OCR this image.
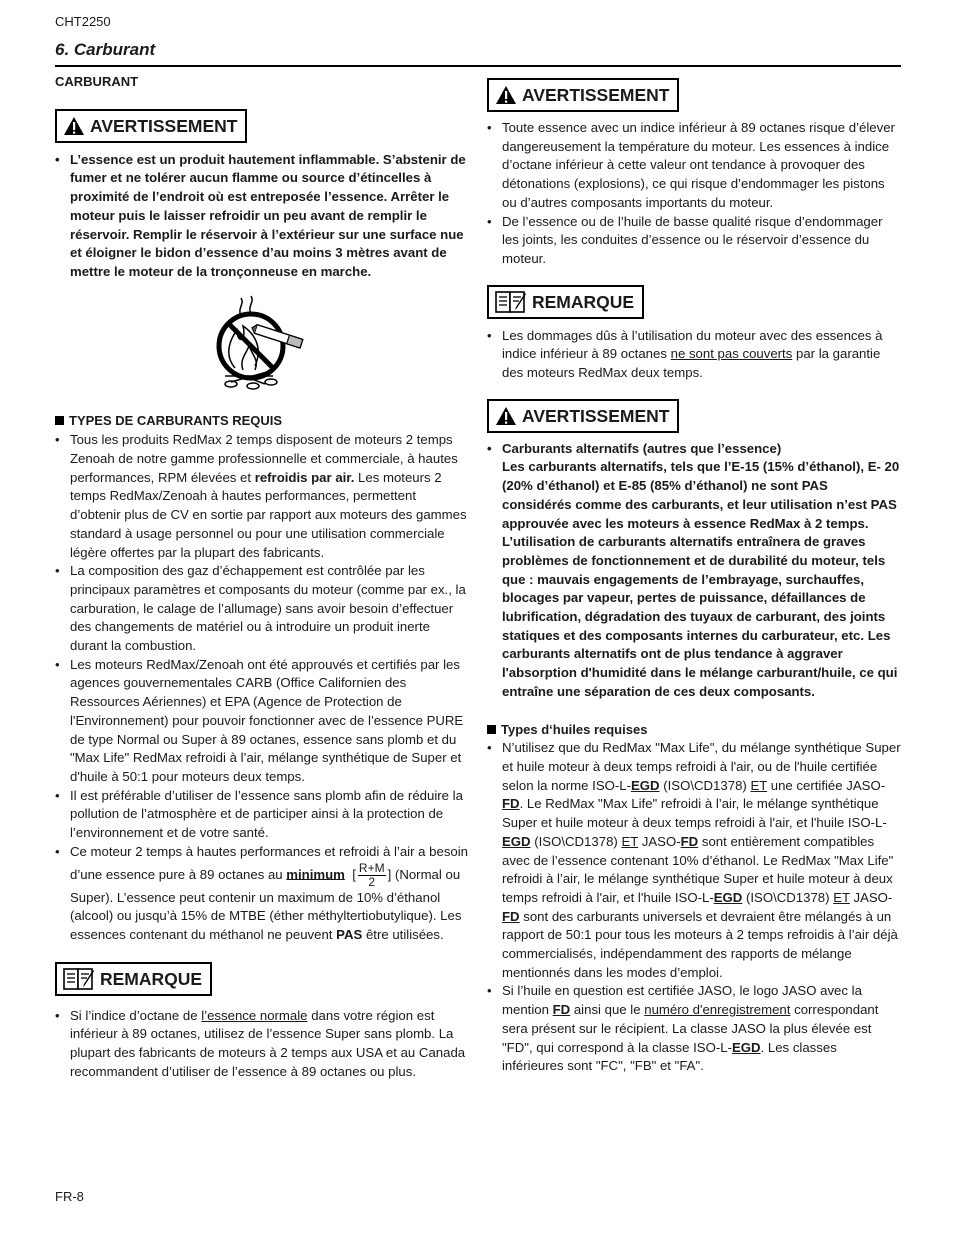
CHT2250
6. Carburant
CARBURANT
AVERTISSEMENT
• L’essence est un produit hautement inflammable. S’abstenir de fumer et ne tolérer aucun flamme ou source d’étincelles à proximité de l’endroit où est entreposée l’essence. Arrêter le moteur puis le laisser refroidir un peu avant de remplir le réservoir. Remplir le réservoir à l’extérieur sur une surface nue et éloigner le bidon d’essence d’au moins 3 mètres avant de mettre le moteur de la tronçonneuse en marche.
TYPES DE CARBURANTS REQUIS
• Tous les produits RedMax 2 temps disposent de moteurs 2 temps Zenoah de notre gamme professionnelle et commerciale, à hautes performances, RPM élevées et refroidis par air. Les moteurs 2 temps RedMax/Zenoah à hautes performances, permettent d’obtenir plus de CV en sortie par rapport aux moteurs des gammes standard à usage personnel ou pour une utilisation commerciale légère offertes par la plupart des fabricants.
• La composition des gaz d’échappement est contrôlée par les principaux paramètres et composants du moteur (comme par ex., la carburation, le calage de l’allumage) sans avoir besoin d’effectuer des changements de matériel ou à introduire un produit inerte durant la combustion.
• Les moteurs RedMax/Zenoah ont été approuvés et certifiés par les agences gouvernementales CARB (Office Californien des Ressources Aériennes) et EPA (Agence de Protection de l'Environnement) pour pouvoir fonctionner avec de l’essence PURE de type Normal ou Super à 89 octanes, essence sans plomb et du "Max Life" RedMax refroidi à l’air, mélange synthétique de Super et d'huile à 50:1 pour moteurs deux temps.
• Il est préférable d’utiliser de l’essence sans plomb afin de réduire la pollution de l’atmosphère et de participer ainsi à la protection de l’environnement et de votre santé.
• Ce moteur 2 temps à hautes performances et refroidi à l’air a besoin d’une essence pure à 89 octanes au minimum  [ $\frac{R+M}{2}$ ] (Normal ou Super). L’essence peut contenir un maximum de 10% d’éthanol (alcool) ou jusqu’à 15% de MTBE (éther méthyltertiobutylique). Les essences contenant du méthanol ne peuvent PAS être utilisées.
REMARQUE
• Si l’indice d’octane de l’essence normale dans votre région est inférieur à 89 octanes, utilisez de l’essence Super sans plomb. La plupart des fabricants de moteurs à 2 temps aux USA et au Canada recommandent d’utiliser de l’essence à 89 octanes ou plus.
AVERTISSEMENT
• Toute essence avec un indice inférieur à 89 octanes risque d’élever dangereusement la température du moteur. Les essences à indice d’octane inférieur à cette valeur ont tendance à provoquer des détonations (explosions), ce qui risque d’endommager les pistons ou d’autres composants importants du moteur.
• De l’essence ou de l’huile de basse qualité risque d’endommager les joints, les conduites d’essence ou le réservoir d’essence du moteur.
REMARQUE
• Les dommages dûs à l’utilisation du moteur avec des essences à indice inférieur à 89 octanes ne sont pas couverts par la garantie des moteurs RedMax deux temps.
AVERTISSEMENT
• Carburants alternatifs (autres que l’essence)
Les carburants alternatifs, tels que l’E-15 (15% d’éthanol), E- 20 (20% d’éthanol) et E-85 (85% d’éthanol) ne sont PAS considérés comme des carburants, et leur utilisation n’est PAS approuvée avec les moteurs à essence RedMax à 2 temps. L’utilisation de carburants alternatifs entraînera de graves problèmes de fonctionnement et de durabilité du moteur, tels que : mauvais engagements de l’embrayage, surchauffes, blocages par vapeur, pertes de puissance, défaillances de lubrification, dégradation des tuyaux de carburant, des joints statiques et des composants internes du carburateur, etc. Les carburants alternatifs ont de plus tendance à aggraver l'absorption d'humidité dans le mélange carburant/huile, ce qui entraîne une séparation de ces deux composants.
Types d‘huiles requises
• N’utilisez que du RedMax "Max Life", du mélange synthétique Super et huile moteur à deux temps refroidi à l'air, ou de l'huile certifiée selon la norme ISO-L-EGD (ISO\CD1378) ET une certifiée JASO-FD. Le RedMax "Max Life" refroidi à l’air, le mélange synthétique Super et huile moteur à deux temps refroidi à l'air, et l'huile ISO-L-EGD (ISO\CD1378) ET JASO-FD sont entièrement compatibles avec de l’essence contenant 10% d’éthanol. Le RedMax "Max Life" refroidi à l’air, le mélange synthétique Super et huile moteur à deux temps refroidi à l'air, et l'huile ISO-L-EGD (ISO\CD1378) ET JASO-FD sont des carburants universels et devraient être mélangés à un rapport de 50:1 pour tous les moteurs à 2 temps refroidis à l’air déjà commercialisés, indépendamment des rapports de mélange mentionnés dans les modes d’emploi.
• Si l’huile en question est certifiée JASO, le logo JASO avec la mention FD ainsi que le numéro d'enregistrement correspondant sera présent sur le récipient. La classe JASO la plus élevée est "FD", qui correspond à la classe ISO-L-EGD. Les classes inférieures sont "FC", "FB" et "FA".
FR-8
